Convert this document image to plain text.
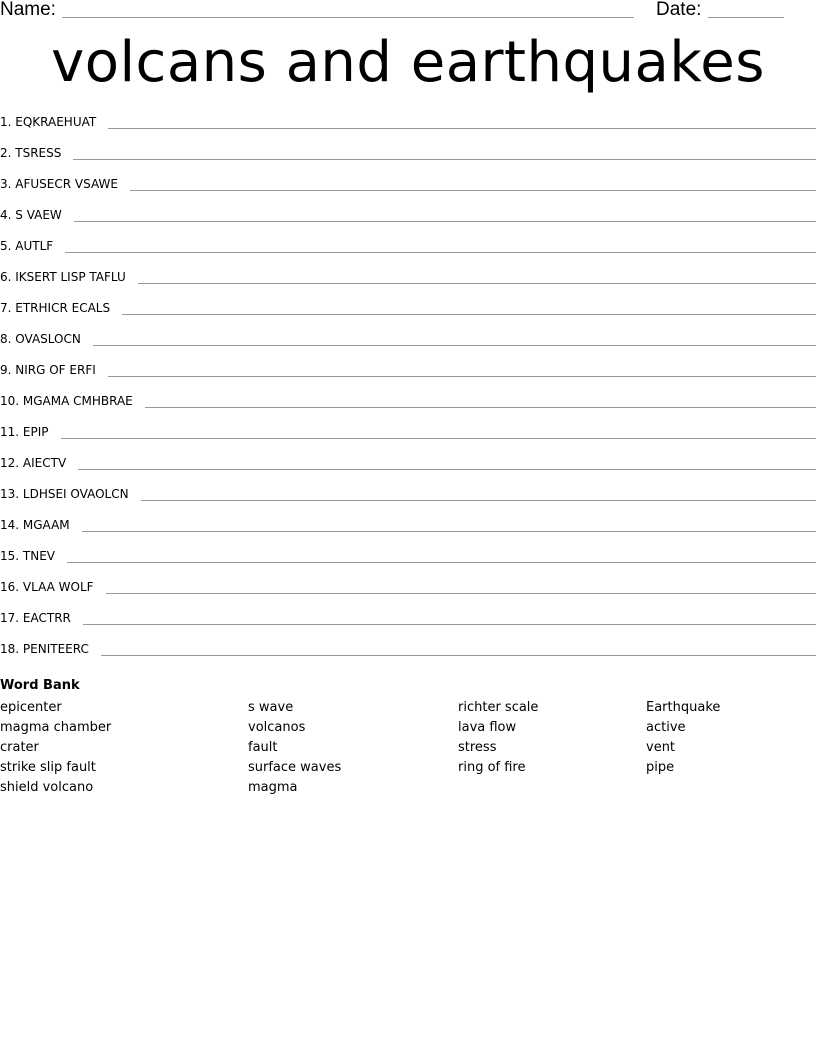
Name:	Date:
volcans and earthquakes
1. EQKRAEHUAT
2. TSRESS
3. AFUSECR VSAWE
4. S VAEW
5. AUTLF
6. IKSERT LISP TAFLU
7. ETRHICR ECALS
8. OVASLOCN
9. NIRG OF ERFI
10. MGAMA CMHBRAE
11. EPIP
12. AIECTV
13. LDHSEI OVAOLCN
14. MGAAM
15. TNEV
16. VLAA WOLF
17. EACTRR
18. PENITEERC
Word Bank
epicenter
magma chamber
crater
strike slip fault
shield volcano
s wave
volcanos
fault
surface waves
magma
richter scale
lava flow
stress
ring of fire
Earthquake
active
vent
pipe
